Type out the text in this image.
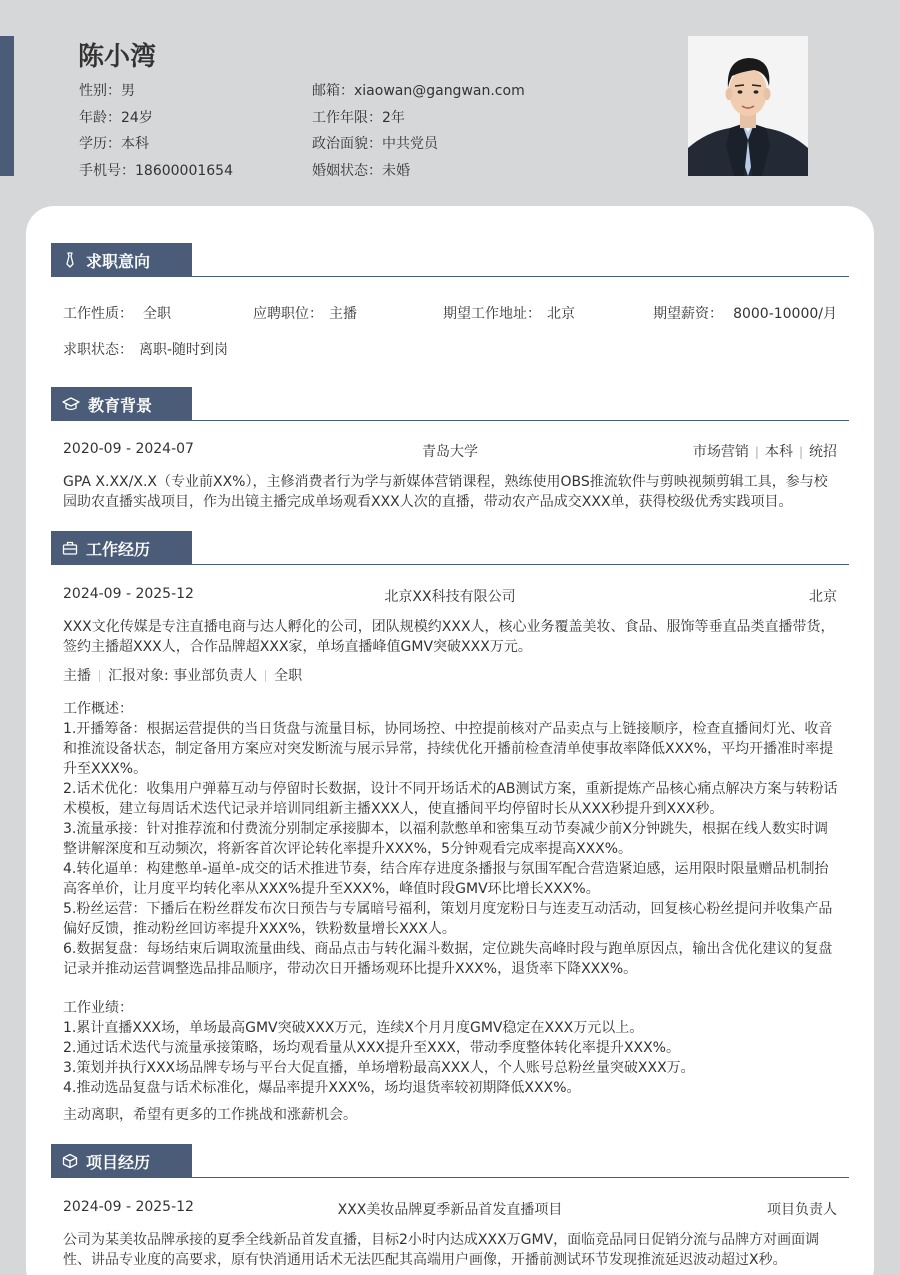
陈小湾
性别：男
年龄：24岁
学历：本科
手机号：18600001654
邮箱：xiaowan@gangwan.com
工作年限：2年
政治面貌：中共党员
婚姻状态：未婚
求职意向
工作性质： 全职	应聘职位： 主播	期望工作地址： 北京	期望薪资： 8000-10000/月
求职状态： 离职-随时到岗
教育背景
2020-09 - 2024-07	青岛大学	市场营销 | 本科 | 统招
GPA X.XX/X.X（专业前XX%），主修消费者行为学与新媒体营销课程，熟练使用OBS推流软件与剪映视频剪辑工具，参与校园助农直播实战项目，作为出镜主播完成单场观看XXX人次的直播，带动农产品成交XXX单，获得校级优秀实践项目。
工作经历
2024-09 - 2025-12	北京XX科技有限公司	北京
XXX文化传媒是专注直播电商与达人孵化的公司，团队规模约XXX人，核心业务覆盖美妆、食品、服饰等垂直品类直播带货，签约主播超XXX人，合作品牌超XXX家，单场直播峰值GMV突破XXX万元。
主播 汇报对象: 事业部负责人 全职
工作概述：
1.开播筹备：根据运营提供的当日货盘与流量目标，协同场控、中控提前核对产品卖点与上链接顺序，检查直播间灯光、收音和推流设备状态，制定备用方案应对突发断流与展示异常，持续优化开播前检查清单使事故率降低XXX%，平均开播准时率提升至XXX%。
2.话术优化：收集用户弹幕互动与停留时长数据，设计不同开场话术的AB测试方案，重新提炼产品核心痛点解决方案与转粉话术模板，建立每周话术迭代记录并培训同组新主播XXX人，使直播间平均停留时长从XXX秒提升到XXX秒。
3.流量承接：针对推荐流和付费流分别制定承接脚本，以福利款憋单和密集互动节奏减少前X分钟跳失，根据在线人数实时调整讲解深度和互动频次，将新客首次评论转化率提升XXX%，5分钟观看完成率提高XXX%。
4.转化逼单：构建憋单-逼单-成交的话术推进节奏，结合库存进度条播报与氛围军配合营造紧迫感，运用限时限量赠品机制抬高客单价，让月度平均转化率从XXX%提升至XXX%，峰值时段GMV环比增长XXX%。
5.粉丝运营：下播后在粉丝群发布次日预告与专属暗号福利，策划月度宠粉日与连麦互动活动，回复核心粉丝提问并收集产品偏好反馈，推动粉丝回访率提升XXX%，铁粉数量增长XXX人。
6.数据复盘：每场结束后调取流量曲线、商品点击与转化漏斗数据，定位跳失高峰时段与跑单原因点，输出含优化建议的复盘记录并推动运营调整选品排品顺序，带动次日开播场观环比提升XXX%，退货率下降XXX%。
工作业绩：
1.累计直播XXX场，单场最高GMV突破XXX万元，连续X个月月度GMV稳定在XXX万元以上。
2.通过话术迭代与流量承接策略，场均观看量从XXX提升至XXX，带动季度整体转化率提升XXX%。
3.策划并执行XXX场品牌专场与平台大促直播，单场增粉最高XXX人，个人账号总粉丝量突破XXX万。
4.推动选品复盘与话术标准化，爆品率提升XXX%，场均退货率较初期降低XXX%。
主动离职，希望有更多的工作挑战和涨薪机会。
项目经历
2024-09 - 2025-12	XXX美妆品牌夏季新品首发直播项目	项目负责人
公司为某美妆品牌承接的夏季全线新品首发直播，目标2小时内达成XXX万GMV，面临竞品同日促销分流与品牌方对画面调性、讲品专业度的高要求，原有快消通用话术无法匹配其高端用户画像，开播前测试环节发现推流延迟波动超过X秒。
